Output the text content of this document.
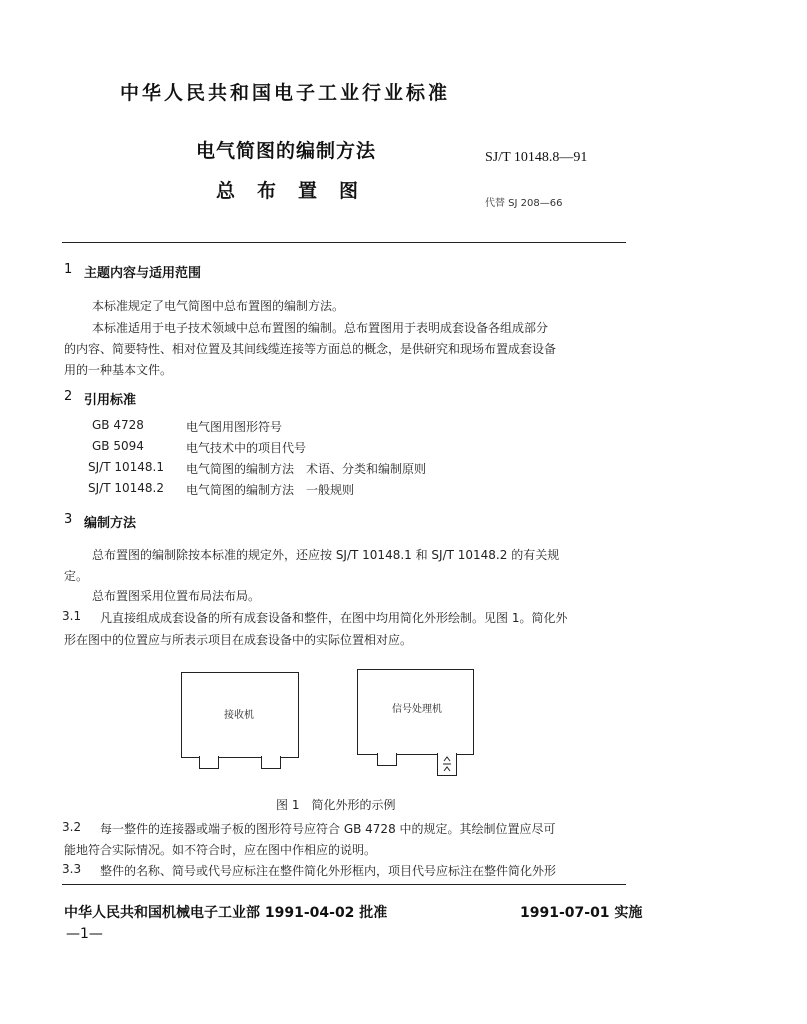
中华人民共和国电子工业行业标准
电气简图的编制方法
总布置图
SJ/T 10148.8—91
代替 SJ 208—66
1 主题内容与适用范围
本标准规定了电气简图中总布置图的编制方法。
本标准适用于电子技术领域中总布置图的编制。总布置图用于表明成套设备各组成部分
的内容、简要特性、相对位置及其间线缆连接等方面总的概念，是供研究和现场布置成套设备
用的一种基本文件。
2 引用标准
GB 4728	电气图用图形符号
GB 5094	电气技术中的项目代号
SJ/T 10148.1 电气简图的编制方法　术语、分类和编制原则
SJ/T 10148.2 电气简图的编制方法　一般规则
3 编制方法
总布置图的编制除按本标准的规定外，还应按 SJ/T 10148.1 和 SJ/T 10148.2 的有关规
定。
总布置图采用位置布局法布局。
3.1 凡直接组成成套设备的所有成套设备和整件，在图中均用简化外形绘制。见图 1。简化外
形在图中的位置应与所表示项目在成套设备中的实际位置相对应。
接收机
信号处理机
图 1　简化外形的示例
3.2 每一整件的连接器或端子板的图形符号应符合 GB 4728 中的规定。其绘制位置应尽可
能地符合实际情况。如不符合时，应在图中作相应的说明。
3.3 整件的名称、简号或代号应标注在整件简化外形框内，项目代号应标注在整件简化外形
中华人民共和国机械电子工业部 1991-04-02 批准	1991-07-01 实施
—1—
